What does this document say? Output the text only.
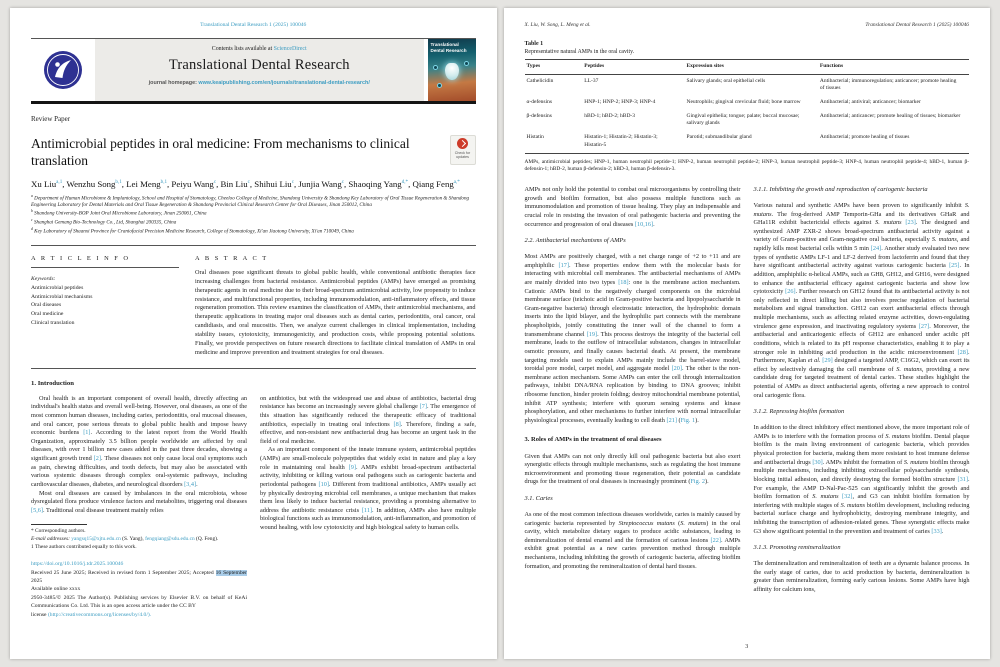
Translational Dental Research 1 (2025) 100046
Contents lists available at ScienceDirect
Translational Dental Research
journal homepage: www.keaipublishing.com/en/journals/translational-dental-research/
Translational Dental Research
Review Paper
Antimicrobial peptides in oral medicine: From mechanisms to clinical translation
Check for updates
Xu Liu$^{a,1}$, Wenzhu Song$^{b,1}$, Lei Meng$^{b,1}$, Peiyu Wang$^c$, Bin Liu$^c$, Shihui Liu$^c$, Junjia Wang$^c$, Shaoqing Yang$^{d,*}$, Qiang Feng$^{a,*}$
$^a$ Department of Human Microbiome & Implantology, School and Hospital of Stomatology, Cheeloo College of Medicine, Shandong University & Shandong Key Laboratory of Oral Tissue Regeneration & Shandong Engineering Laboratory for Dental Materials and Oral Tissue Regeneration & Shandong Provincial Clinical Research Center for Oral Diseases, Jinan 250012, China
$^b$ Shandong University-BOP Joint Oral Microbiome Laboratory, Jinan 250061, China
$^c$ Shanghai Gemang Bio-Technology Co., Ltd, Shanghai 200335, China
$^d$ Key Laboratory of Shaanxi Province for Craniofacial Precision Medicine Research, College of Stomatology, Xi'an Jiaotong University, Xi'an 710049, China
A R T I C L E I N F O
Keywords:
Antimicrobial peptides
Antimicrobial mechanisms
Oral diseases
Oral medicine
Clinical translation
A B S T R A C T
Oral diseases pose significant threats to global public health, while conventional antibiotic therapies face increasing challenges from bacterial resistance. Antimicrobial peptides (AMPs) have emerged as promising therapeutic agents in oral medicine due to their broad-spectrum antimicrobial activity, low propensity to induce resistance, and multifunctional properties, including immunomodulation, anti-inflammatory effects, and tissue regeneration promotion. This review examines the classification of AMPs, their antimicrobial mechanisms, and therapeutic applications in treating major oral diseases such as dental caries, periodontitis, oral cancer, oral candidiasis, and oral mucositis. Then, we analyze current challenges in clinical implementation, including stability issues, cytotoxicity, immunogenicity, and production costs, while proposing potential solutions. Finally, we provide perspectives on future research directions to facilitate clinical translation of AMPs in oral medicine and improve prevention and treatment strategies for oral diseases.
1. Introduction

Oral health is an important component of overall health, directly affecting an individual's health status and overall well-being. However, oral diseases, as one of the most common human diseases, including caries, periodontitis, oral mucosal diseases, and oral cancer, pose serious threats to global public health and impose heavy economic burdens [1]. According to the latest report from the World Health Organization, approximately 3.5 billion people worldwide are affected by oral diseases, with over 1 billion new cases added in the past three decades, showing a significant growth trend [2]. These diseases not only cause local oral symptoms such as pain, chewing difficulties, and tooth defects, but may also be associated with various systemic diseases through complex oral-systemic pathways, including cardiovascular diseases, diabetes, and neurological disorders [3,4].

Most oral diseases are caused by imbalances in the oral microbiota, whose dysregulated flora produce virulence factors and metabolites, triggering oral diseases [5,6]. Traditional oral disease treatment mainly relies

* Corresponding authors.
E-mail addresses: yangsq15@xjtu.edu.cn (S. Yang), fengqiang@sdu.edu.cn (Q. Feng).
1 These authors contributed equally to this work.
https://doi.org/10.1016/j.tdr.2025.100046
Received 25 June 2025; Received in revised form 1 September 2025; Accepted 16 September 2025
Available online xxxx
2950-3485/© 2025 The Author(s). Publishing services by Elsevier B.V. on behalf of KeAi Communications Co. Ltd. This is an open access article under the CC BY
license (http://creativecommons.org/licenses/by/4.0/).

on antibiotics, but with the widespread use and abuse of antibiotics, bacterial drug resistance has become an increasingly severe global challenge [7]. The emergence of this situation has significantly reduced the therapeutic efficacy of traditional antibiotics, especially in treating oral infections [8]. Therefore, finding a safe, effective, and non-resistant new antibacterial drug has become an urgent task in the field of oral medicine.

As an important component of the innate immune system, antimicrobial peptides (AMPs) are small-molecule polypeptides that widely exist in nature and play a key role in maintaining oral health [9]. AMPs exhibit broad-spectrum antibacterial activity, inhibiting or killing various oral pathogens such as cariogenic bacteria and periodontal pathogens [10]. Different from traditional antibiotics, AMPs usually act by physically destroying microbial cell membranes, a unique mechanism that makes them less likely to induce bacterial resistance, providing a promising alternative to address the antibiotic resistance crisis [11]. In addition, AMPs also have multiple biological functions such as immunomodulation, anti-inflammation, and promotion of wound healing, with low cytotoxicity and high biological safety to human cells.

X. Liu, W. Song, L. Meng et al.	Translational Dental Research 1 (2025) 100046
Table 1
Representative natural AMPs in the oral cavity.
Types	Peptides	Expression sites	Functions
Cathelicidin	LL-37	Salivary glands; oral epithelial cells	Antibacterial; immunoregulation; anticancer; promote healing of tissues
α-defensins	HNP-1; HNP-2; HNP-3; HNP-4	Neutrophils; gingival crevicular fluid; bone marrow	Antibacterial; antiviral; anticancer; biomarker
β-defensins	hBD-1; hBD-2; hBD-3	Gingival epithelia; tongue; palate; buccal mucosae; salivary glands	Antibacterial; anticancer; promote healing of tissues; biomarker
Histatin	Histatin-1; Histatin-2; Histatin-3; Histatin-5	Parotid; submandibular gland	Antibacterial; promote healing of tissues
AMPs, antimicrobial peptides; HNP-1, human neutrophil peptide-1; HNP-2, human neutrophil peptide-2; HNP-3, human neutrophil peptide-3; HNP-4, human neutrophil peptide-4; hBD-1, human β-defensin-1; hBD-2, human β-defensin-2; hBD-3, human β-defensin-3.

AMPs not only hold the potential to combat oral microorganisms by controlling their growth and biofilm formation, but also possess multiple functions such as immunomodulation and promotion of tissue healing. They play an indispensable and crucial role in resisting the invasion of oral pathogenic bacteria and preventing the occurrence and progression of oral diseases [10,16].

2.2. Antibacterial mechanisms of AMPs

Most AMPs are positively charged, with a net charge range of +2 to +11 and are amphiphilic [17]. These properties endow them with the molecular basis for interacting with microbial cell membranes. The antibacterial mechanisms of AMPs are mainly divided into two types [18]: one is the membrane action mechanism. Cationic AMPs bind to the negatively charged components on the microbial membrane surface (teichoic acid in Gram-positive bacteria and lipopolysaccharide in Gram-negative bacteria) through electrostatic interaction, the hydrophobic domain inserts into the lipid bilayer, and the hydrophilic part connects with the membrane phospholipids, jointly constituting the inner wall of the channel to form a transmembrane channel [19]. This process destroys the integrity of the bacterial cell membrane, leads to the outflow of intracellular substances, changes in intracellular osmotic pressure, and finally causes bacterial death. At present, the membrane targeting models used to explain AMPs mainly include the barrel-stave model, toroidal pore model, carpet model, and aggregate model [20]. The other is the non-membrane action mechanism. Some AMPs can enter the cell through internalization pathways, inhibit DNA/RNA replication by binding to DNA grooves; inhibit ribosome function, hinder protein folding; destroy mitochondrial membrane potential, inhibit ATP synthesis; interfere with quorum sensing systems and kinase phosphorylation, and other mechanisms to further interfere with normal intracellular physiological processes, eventually leading to cell death [21] (Fig. 1).

3. Roles of AMPs in the treatment of oral diseases

Given that AMPs can not only directly kill oral pathogenic bacteria but also exert synergistic effects through multiple mechanisms, such as regulating the host immune microenvironment and promoting tissue regeneration, their potential as candidate drugs for the treatment of oral diseases is increasingly prominent (Fig. 2).

3.1. Caries

As one of the most common infectious diseases worldwide, caries is mainly caused by cariogenic bacteria represented by Streptococcus mutans (S. mutans) in the oral cavity, which metabolize dietary sugars to produce acidic substances, leading to demineralization of dental enamel and the formation of carious lesions [22]. AMPs exhibit great potential as a new caries prevention method through multiple mechanisms, including inhibiting the growth of cariogenic bacteria, affecting biofilm formation, and promoting the remineralization of dental hard tissues.

3.1.1. Inhibiting the growth and reproduction of cariogenic bacteria

Various natural and synthetic AMPs have been proven to significantly inhibit S. mutans. The frog-derived AMP Temporin-GHa and its derivatives GHaR and GHa11R exhibit bactericidal effects against S. mutans [23]. The designed and synthesized AMP ZXR-2 shows broad-spectrum antibacterial activity against a variety of Gram-positive and Gram-negative oral bacteria, especially S. mutans, and rapidly kills most bacterial cells within 5 min [24]. Another study evaluated two new types of synthetic AMPs LF-1 and LF-2 derived from lactoferrin and found that they have significant antibacterial activity against various cariogenic bacteria [25]. In addition, amphiphilic α-helical AMPs, such as GH8, GH12, and GH16, were designed to enhance the antibacterial efficacy against cariogenic bacteria and show low cytotoxicity [26]. Further research on GH12 found that its antibacterial activity is not only reflected in direct killing but also involves precise regulation of bacterial metabolism and signal transduction. GH12 can exert antibacterial effects through multiple mechanisms, such as affecting related enzyme activities, down-regulating virulence gene expression, and inactivating regulatory systems [27]. Moreover, the antibacterial and anticariogenic effects of GH12 are enhanced under acidic pH conditions, which is related to its pH response characteristics, enabling it to play a stronger role in inhibiting acid production in the acidic microenvironment [28]. Furthermore, Kaplan et al. [29] designed a targeted AMP, C16G2, which can exert its effect by selectively damaging the cell membrane of S. mutans, providing a new candidate drug for targeted treatment of dental caries. These studies highlight the potential of AMPs as direct antibacterial agents, offering a new approach to control oral cariogenic flora.

3.1.2. Repressing biofilm formation

In addition to the direct inhibitory effect mentioned above, the more important role of AMPs is to interfere with the formation process of S. mutans biofilm. Dental plaque biofilm is the main living environment of cariogenic bacteria, which provides physical protection for bacteria, making them more resistant to host immune defense and antibacterial drugs [30]. AMPs inhibit the formation of S. mutans biofilm through multiple mechanisms, including inhibiting extracellular polysaccharide synthesis, blocking initial adhesion, and directly destroying the formed biofilm structure [31]. For example, the AMP D-Nal-Pac-525 can significantly inhibit the growth and biofilm formation of S. mutans [32], and G3 can inhibit biofilm formation by interfering with multiple stages of S. mutans biofilm development, including reducing bacterial surface charge and hydrophobicity, destroying membrane integrity, and inhibiting the transcription of adhesion-related genes. These synergistic effects make G3 show significant potential in the prevention and treatment of caries [33].

3.1.3. Promoting remineralization

The demineralization and remineralization of teeth are a dynamic balance process. In the early stage of caries, due to acid production by bacteria, demineralization is greater than remineralization, forming early carious lesions. Some AMPs have high affinity for calcium ions,

3
